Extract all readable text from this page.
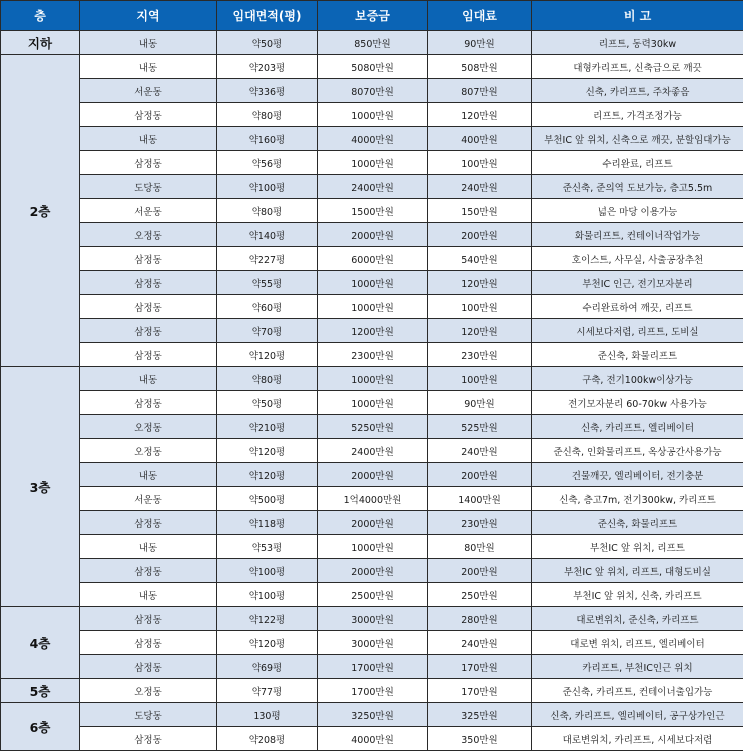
층	지역	임대면적(평)	보증금	임대료	비 고
지하	내동	약50평	850만원	90만원	리프트, 동력30kw
2층	내동	약203평	5080만원	508만원	대형카리프트, 신축급으로 깨끗
	서운동	약336평	8070만원	807만원	신축, 카리프트, 주차좋음
	삼정동	약80평	1000만원	120만원	리프트, 가격조정가능
	내동	약160평	4000만원	400만원	부천IC 앞 위치, 신축으로 깨끗, 분할임대가능
	삼정동	약56평	1000만원	100만원	수리완료, 리프트
	도당동	약100평	2400만원	240만원	준신축, 준의역 도보가능, 층고5.5m
	서운동	약80평	1500만원	150만원	넓은 마당 이용가능
	오정동	약140평	2000만원	200만원	화물리프트, 컨테이너작업가능
	삼정동	약227평	6000만원	540만원	호이스트, 사무실, 사출공장추천
	삼정동	약55평	1000만원	120만원	부천IC 인근, 전기모자분리
	삼정동	약60평	1000만원	100만원	수리완료하여 깨끗, 리프트
	삼정동	약70평	1200만원	120만원	시세보다저렴, 리프트, 도비실
	삼정동	약120평	2300만원	230만원	준신축, 화물리프트
3층	내동	약80평	1000만원	100만원	구축, 전기100kw이상가능
	삼정동	약50평	1000만원	90만원	전기모자분리 60-70kw 사용가능
	오정동	약210평	5250만원	525만원	신축, 카리프트, 엘리베이터
	오정동	약120평	2400만원	240만원	준신축, 인화물리프트, 옥상공간사용가능
	내동	약120평	2000만원	200만원	건물깨끗, 엘리베이터, 전기충분
	서운동	약500평	1억4000만원	1400만원	신축, 층고7m, 전기300kw, 카리프트
	삼정동	약118평	2000만원	230만원	준신축, 화물리프트
	내동	약53평	1000만원	80만원	부천IC 앞 위치, 리프트
	삼정동	약100평	2000만원	200만원	부천IC 앞 위치, 리프트, 대형도비실
	내동	약100평	2500만원	250만원	부천IC 앞 위치, 신축, 카리프트
4층	삼정동	약122평	3000만원	280만원	대로변위치, 준신축, 카리프트
	삼정동	약120평	3000만원	240만원	대로변 위치, 리프트, 엘리베이터
	삼정동	약69평	1700만원	170만원	카리프트, 부천IC인근 위치
5층	오정동	약77평	1700만원	170만원	준신축, 카리프트, 컨테이너출입가능
6층	도당동	130평	3250만원	325만원	신축, 카리프트, 엘리베이터, 공구상가인근
	삼정동	약208평	4000만원	350만원	대로변위치, 카리프트, 시세보다저렴
